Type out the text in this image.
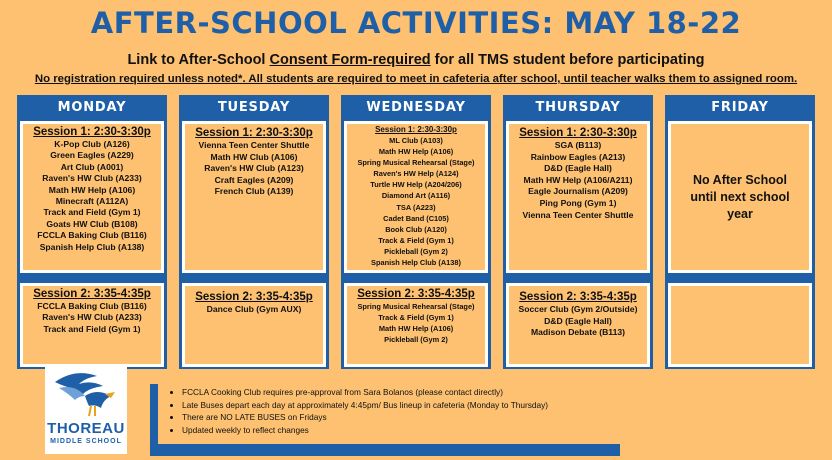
AFTER-SCHOOL ACTIVITIES: MAY 18-22
Link to After-School Consent Form-required for all TMS student before participating
No registration required unless noted*. All students are required to meet in cafeteria after school, until teacher walks them to assigned room.
MONDAY
Session 1: 2:30-3:30p
K-Pop Club (A126)
Green Eagles (A229)
Art Club (A001)
Raven's HW Club (A233)
Math HW Help (A106)
Minecraft (A112A)
Track and Field (Gym 1)
Goats HW Club (B108)
FCCLA Baking Club (B116)
Spanish Help Club (A138)
Session 2: 3:35-4:35p
FCCLA Baking Club (B116)
Raven's HW Club (A233)
Track and Field (Gym 1)
TUESDAY
Session 1: 2:30-3:30p
Vienna Teen Center Shuttle
Math HW Club (A106)
Raven's HW Club (A123)
Craft Eagles (A209)
French Club (A139)
Session 2: 3:35-4:35p
Dance Club (Gym AUX)
WEDNESDAY
Session 1: 2:30-3:30p
ML Club (A103)
Math HW Help (A106)
Spring Musical Rehearsal (Stage)
Raven's HW Help (A124)
Turtle HW Help (A204/206)
Diamond Art (A116)
TSA (A223)
Cadet Band (C105)
Book Club (A120)
Track & Field (Gym 1)
Pickleball (Gym 2)
Spanish Help Club (A138)
Session 2: 3:35-4:35p
Spring Musical Rehearsal (Stage)
Track & Field (Gym 1)
Math HW Help (A106)
Pickleball (Gym 2)
THURSDAY
Session 1: 2:30-3:30p
SGA (B113)
Rainbow Eagles (A213)
D&D (Eagle Hall)
Math HW Help (A106/A211)
Eagle Journalism (A209)
Ping Pong (Gym 1)
Vienna Teen Center Shuttle
Session 2: 3:35-4:35p
Soccer Club (Gym 2/Outside)
D&D (Eagle Hall)
Madison Debate (B113)
FRIDAY
No After School until next school year
• FCCLA Cooking Club requires pre-approval from Sara Bolanos (please contact directly)
• Late Buses depart each day at approximately 4:45pm/ Bus lineup in cafeteria (Monday to Thursday)
• There are NO LATE BUSES on Fridays
• Updated weekly to reflect changes
THOREAU
MIDDLE SCHOOL
